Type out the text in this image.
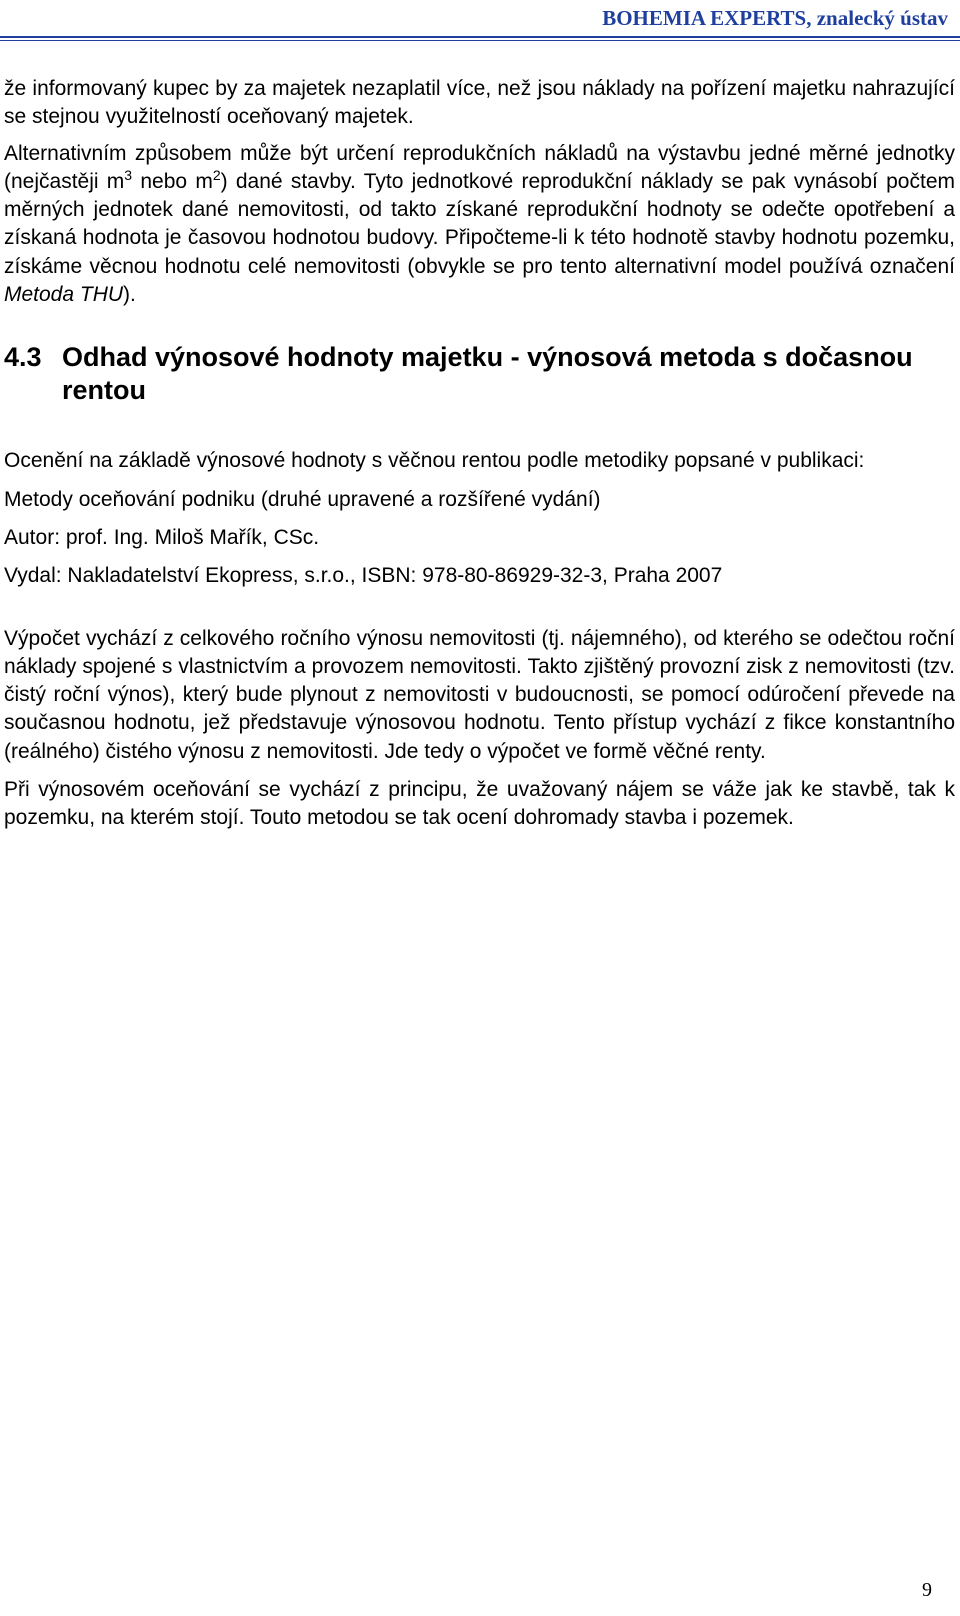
BOHEMIA EXPERTS, znalecký ústav

že informovaný kupec by za majetek nezaplatil více, než jsou náklady na pořízení majetku nahrazující se stejnou využitelností oceňovaný majetek.

Alternativním způsobem může být určení reprodukčních nákladů na výstavbu jedné měrné jednotky (nejčastěji $m^3$ nebo $m^2$) dané stavby. Tyto jednotkové reprodukční náklady se pak vynásobí počtem měrných jednotek dané nemovitosti, od takto získané reprodukční hodnoty se odečte opotřebení a získaná hodnota je časovou hodnotou budovy. Připočteme-li k této hodnotě stavby hodnotu pozemku, získáme věcnou hodnotu celé nemovitosti (obvykle se pro tento alternativní model používá označení Metoda THU).

4.3 Odhad výnosové hodnoty majetku - výnosová metoda s dočasnou rentou

Ocenění na základě výnosové hodnoty s věčnou rentou podle metodiky popsané v publikaci:

Metody oceňování podniku (druhé upravené a rozšířené vydání)

Autor: prof. Ing. Miloš Mařík, CSc.

Vydal: Nakladatelství Ekopress, s.r.o., ISBN: 978-80-86929-32-3, Praha 2007

Výpočet vychází z celkového ročního výnosu nemovitosti (tj. nájemného), od kterého se odečtou roční náklady spojené s vlastnictvím a provozem nemovitosti. Takto zjištěný provozní zisk z nemovitosti (tzv. čistý roční výnos), který bude plynout z nemovitosti v budoucnosti, se pomocí odúročení převede na současnou hodnotu, jež představuje výnosovou hodnotu. Tento přístup vychází z fikce konstantního (reálného) čistého výnosu z nemovitosti. Jde tedy o výpočet ve formě věčné renty.

Při výnosovém oceňování se vychází z principu, že uvažovaný nájem se váže jak ke stavbě, tak k pozemku, na kterém stojí. Touto metodou se tak ocení dohromady stavba i pozemek.

9
